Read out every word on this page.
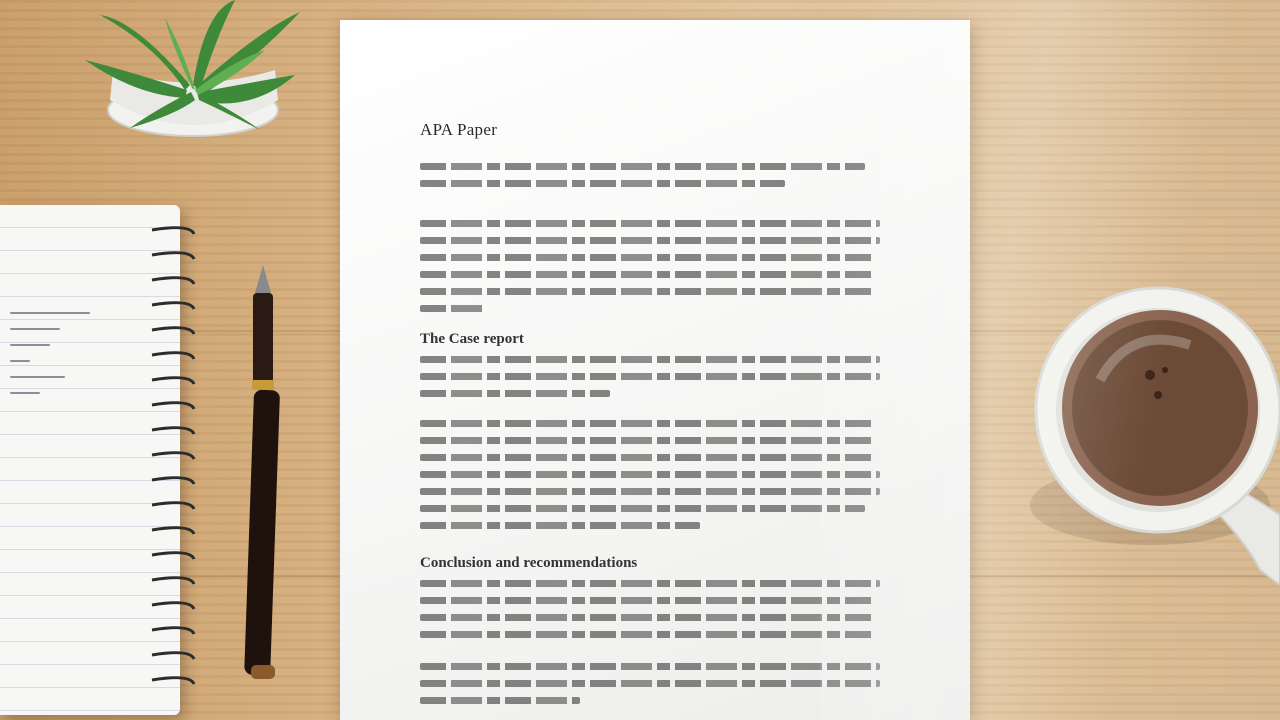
APA Paper
The Case report
Conclusion and recommendations
